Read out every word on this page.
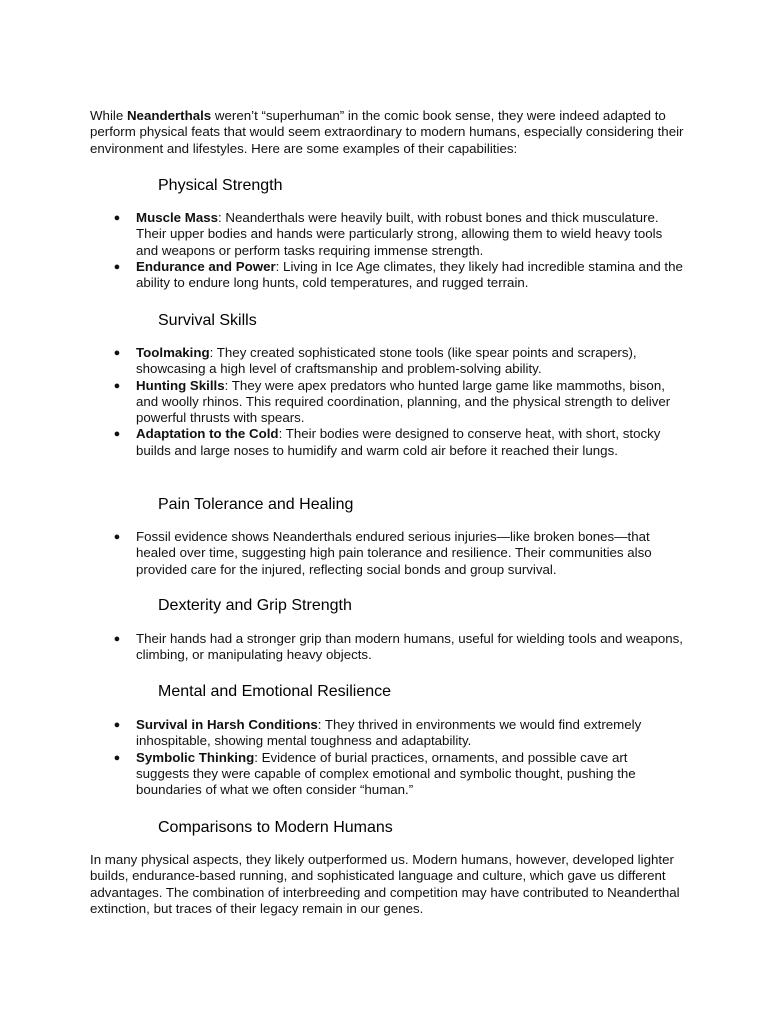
While Neanderthals weren’t “superhuman” in the comic book sense, they were indeed adapted to perform physical feats that would seem extraordinary to modern humans, especially considering their environment and lifestyles. Here are some examples of their capabilities:

Physical Strength
● Muscle Mass: Neanderthals were heavily built, with robust bones and thick musculature. Their upper bodies and hands were particularly strong, allowing them to wield heavy tools and weapons or perform tasks requiring immense strength.
● Endurance and Power: Living in Ice Age climates, they likely had incredible stamina and the ability to endure long hunts, cold temperatures, and rugged terrain.
Survival Skills
● Toolmaking: They created sophisticated stone tools (like spear points and scrapers), showcasing a high level of craftsmanship and problem-solving ability.
● Hunting Skills: They were apex predators who hunted large game like mammoths, bison, and woolly rhinos. This required coordination, planning, and the physical strength to deliver powerful thrusts with spears.
● Adaptation to the Cold: Their bodies were designed to conserve heat, with short, stocky builds and large noses to humidify and warm cold air before it reached their lungs.
Pain Tolerance and Healing
● Fossil evidence shows Neanderthals endured serious injuries—like broken bones—that healed over time, suggesting high pain tolerance and resilience. Their communities also provided care for the injured, reflecting social bonds and group survival.
Dexterity and Grip Strength
● Their hands had a stronger grip than modern humans, useful for wielding tools and weapons, climbing, or manipulating heavy objects.
Mental and Emotional Resilience
● Survival in Harsh Conditions: They thrived in environments we would find extremely inhospitable, showing mental toughness and adaptability.
● Symbolic Thinking: Evidence of burial practices, ornaments, and possible cave art suggests they were capable of complex emotional and symbolic thought, pushing the boundaries of what we often consider “human.”
Comparisons to Modern Humans

In many physical aspects, they likely outperformed us. Modern humans, however, developed lighter builds, endurance-based running, and sophisticated language and culture, which gave us different advantages. The combination of interbreeding and competition may have contributed to Neanderthal extinction, but traces of their legacy remain in our genes.
